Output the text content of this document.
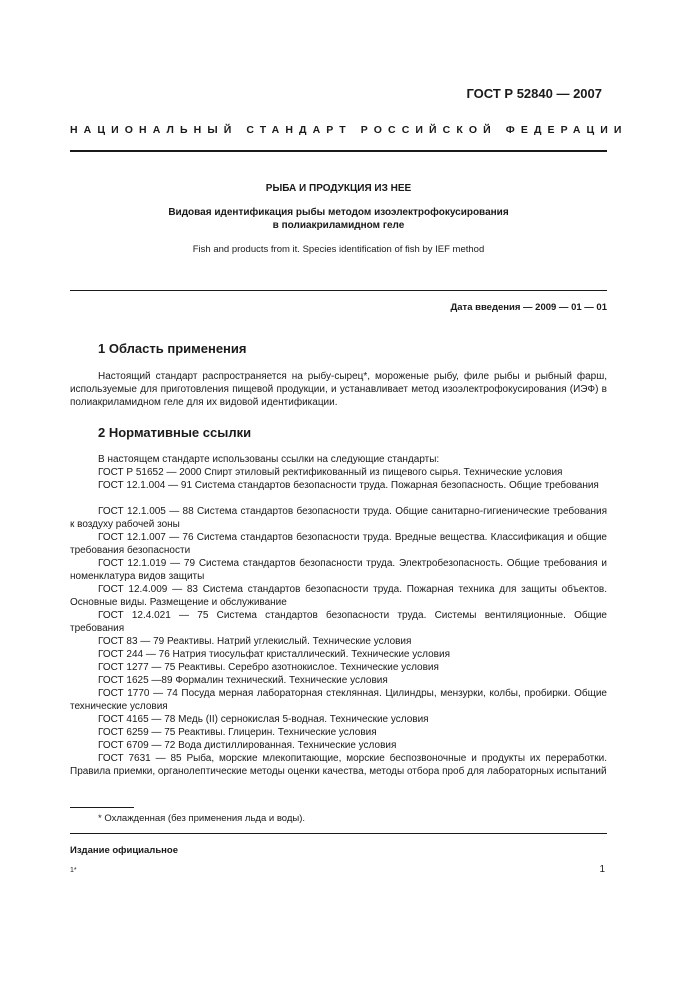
ГОСТ Р 52840 — 2007
НАЦИОНАЛЬНЫЙ СТАНДАРТ РОССИЙСКОЙ ФЕДЕРАЦИИ
РЫБА И ПРОДУКЦИЯ ИЗ НЕЕ
Видовая идентификация рыбы методом изоэлектрофокусирования
в полиакриламидном геле
Fish and products from it. Species identification of fish by IEF method
Дата введения — 2009 — 01 — 01
1 Область применения
Настоящий стандарт распространяется на рыбу-сырец*, мороженые рыбу, филе рыбы и рыбный фарш, используемые для приготовления пищевой продукции, и устанавливает метод изоэлектрофокусирования (ИЭФ) в полиакриламидном геле для их видовой идентификации.
2 Нормативные ссылки
В настоящем стандарте использованы ссылки на следующие стандарты:
ГОСТ Р 51652 — 2000 Спирт этиловый ректификованный из пищевого сырья. Технические условия
ГОСТ 12.1.004 — 91 Система стандартов безопасности труда. Пожарная безопасность. Общие требования
ГОСТ 12.1.005 — 88 Система стандартов безопасности труда. Общие санитарно-гигиенические требования к воздуху рабочей зоны
ГОСТ 12.1.007 — 76 Система стандартов безопасности труда. Вредные вещества. Классификация и общие требования безопасности
ГОСТ 12.1.019 — 79 Система стандартов безопасности труда. Электробезопасность. Общие требования и номенклатура видов защиты
ГОСТ 12.4.009 — 83 Система стандартов безопасности труда. Пожарная техника для защиты объектов. Основные виды. Размещение и обслуживание
ГОСТ 12.4.021 — 75 Система стандартов безопасности труда. Системы вентиляционные. Общие требования
ГОСТ 83 — 79 Реактивы. Натрий углекислый. Технические условия
ГОСТ 244 — 76 Натрия тиосульфат кристаллический. Технические условия
ГОСТ 1277 — 75 Реактивы. Серебро азотнокислое. Технические условия
ГОСТ 1625 —89 Формалин технический. Технические условия
ГОСТ 1770 — 74 Посуда мерная лабораторная стеклянная. Цилиндры, мензурки, колбы, пробирки. Общие технические условия
ГОСТ 4165 — 78 Медь (II) сернокислая 5-водная. Технические условия
ГОСТ 6259 — 75 Реактивы. Глицерин. Технические условия
ГОСТ 6709 — 72 Вода дистиллированная. Технические условия
ГОСТ 7631 — 85 Рыба, морские млекопитающие, морские беспозвоночные и продукты их переработки. Правила приемки, органолептические методы оценки качества, методы отбора проб для лабораторных испытаний
* Охлажденная (без применения льда и воды).
Издание официальное
1*	1
